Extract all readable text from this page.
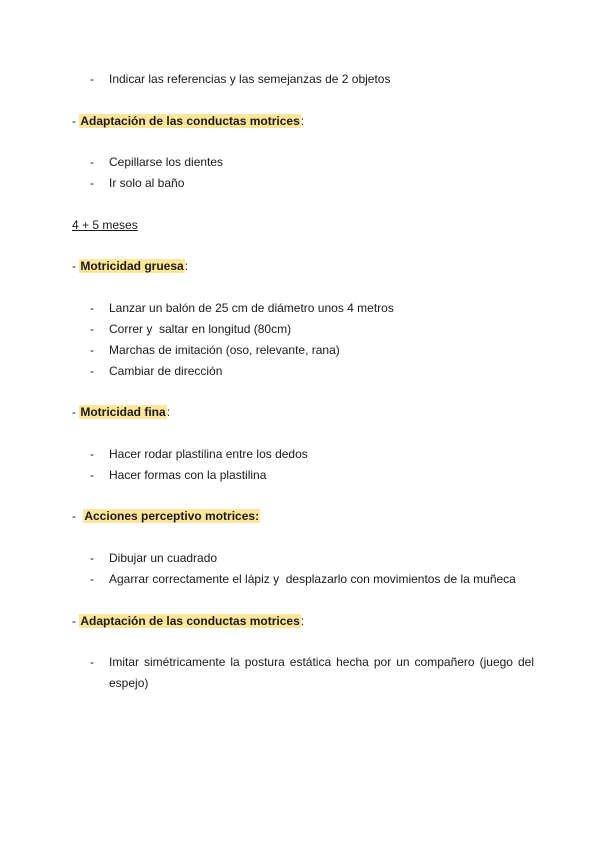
- Indicar las referencias y las semejanzas de 2 objetos
- Adaptación de las conductas motrices:
- Cepillarse los dientes
- Ir solo al baño
4 + 5 meses
- Motricidad gruesa:
- Lanzar un balón de 25 cm de diámetro unos 4 metros
- Correr y  saltar en longitud (80cm)
- Marchas de imitación (oso, relevante, rana)
- Cambiar de dirección
- Motricidad fina:
- Hacer rodar plastilina entre los dedos
- Hacer formas con la plastilina
- Acciones perceptivo motrices:
- Dibujar un cuadrado
- Agarrar correctamente el lápiz y  desplazarlo con movimientos de la muñeca
- Adaptación de las conductas motrices:
- Imitar simétricamente la postura estática hecha por un compañero (juego del espejo)
